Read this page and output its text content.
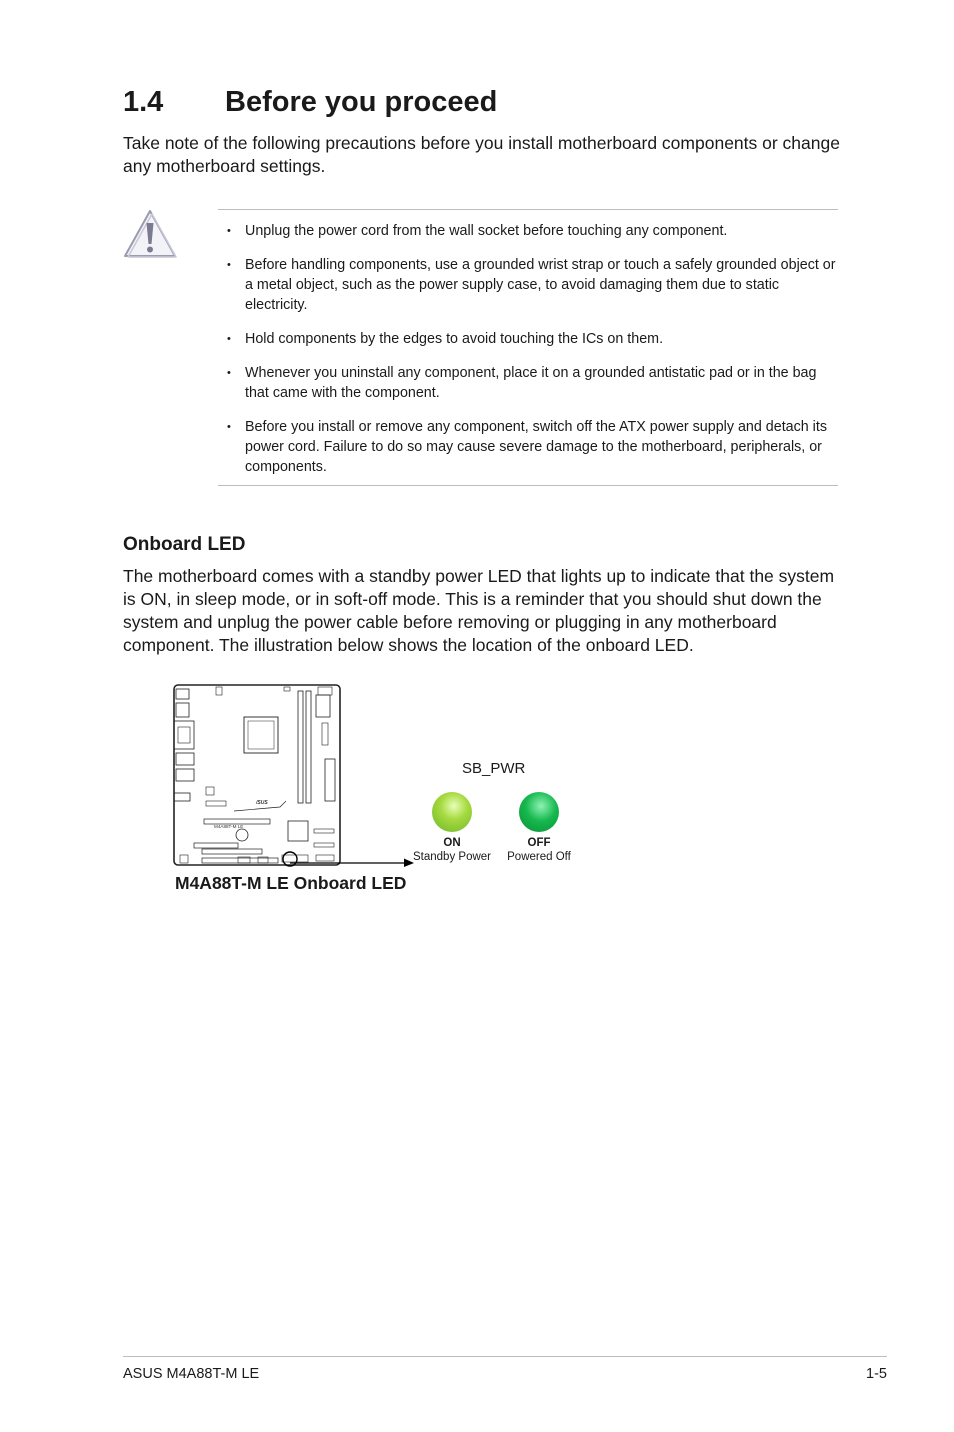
1.4 Before you proceed

Take note of the following precautions before you install motherboard components or change any motherboard settings.

• Unplug the power cord from the wall socket before touching any component.
• Before handling components, use a grounded wrist strap or touch a safely grounded object or a metal object, such as the power supply case, to avoid damaging them due to static electricity.
• Hold components by the edges to avoid touching the ICs on them.
• Whenever you uninstall any component, place it on a grounded antistatic pad or in the bag that came with the component.
• Before you install or remove any component, switch off the ATX power supply and detach its power cord. Failure to do so may cause severe damage to the motherboard, peripherals, or components.
Onboard LED

The motherboard comes with a standby power LED that lights up to indicate that the system is ON, in sleep mode, or in soft-off mode. This is a reminder that you should shut down the system and unplug the power cable before removing or plugging in any motherboard component. The illustration below shows the location of the onboard LED.

/SUS
M4A88T-M LE
M4A88T-M LE Onboard LED
SB_PWR
ON
Standby Power
OFF
Powered Off
ASUS M4A88T-M LE	1-5
